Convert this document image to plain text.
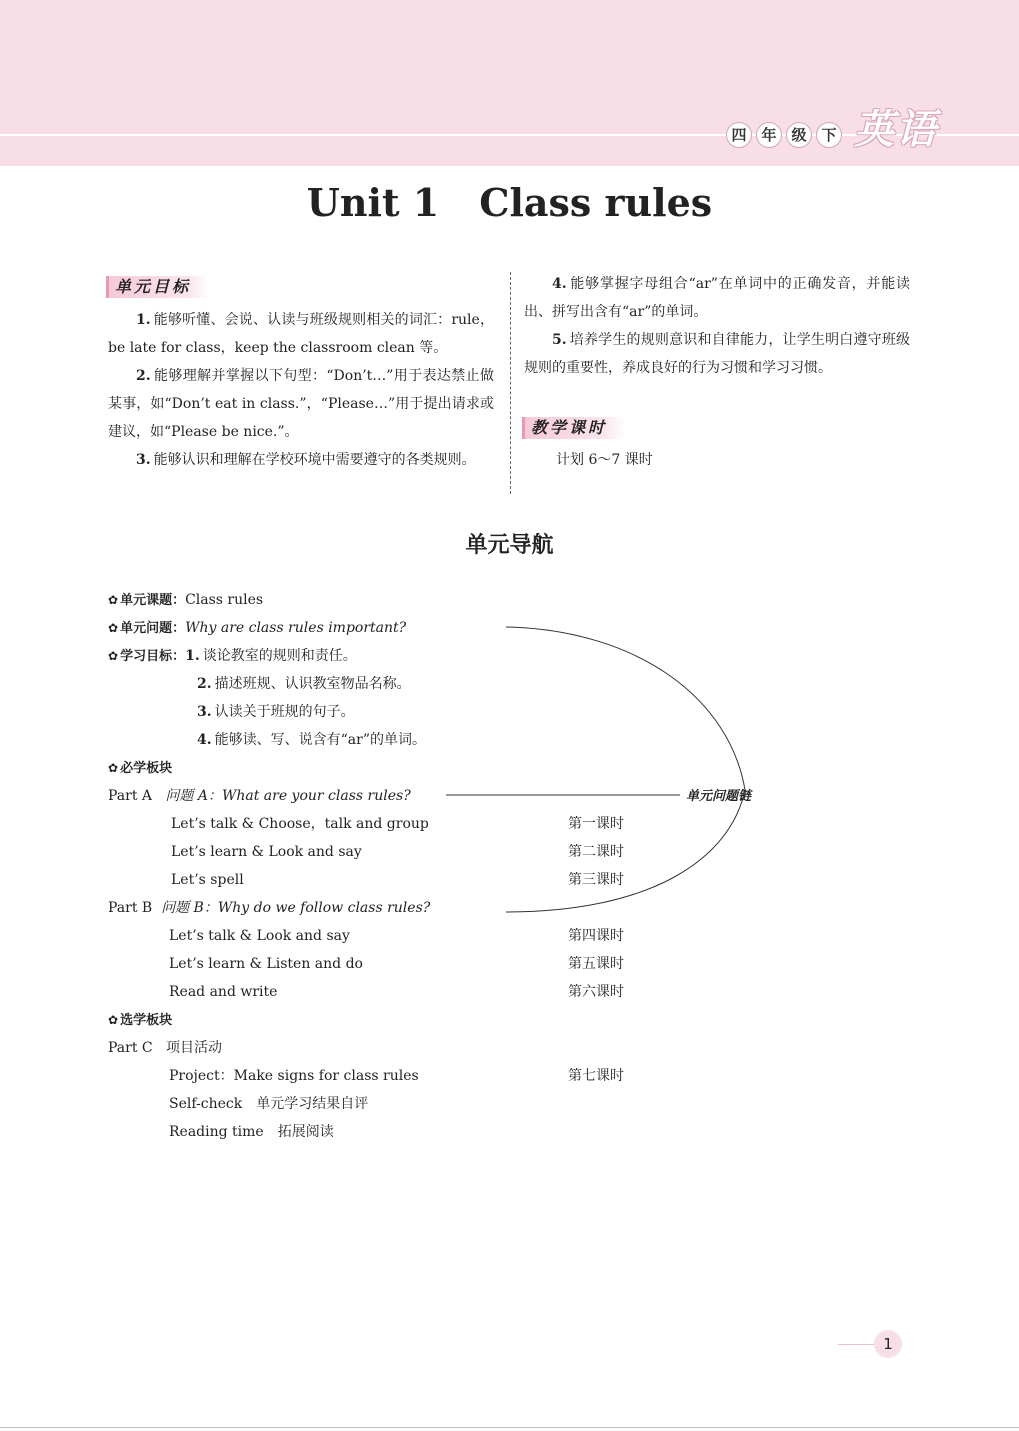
四 年 级 下 英语
Unit 1 Class rules
单元目标
1. 能够听懂、会说、认读与班级规则相关的词汇：rule，be late for class，keep the classroom clean 等。
2. 能够理解并掌握以下句型：“Don’t…”用于表达禁止做某事，如“Don’t eat in class.”，“Please…”用于提出请求或建议，如“Please be nice.”。
3. 能够认识和理解在学校环境中需要遵守的各类规则。
4. 能够掌握字母组合“ar”在单词中的正确发音，并能读出、拼写出含有“ar”的单词。
5. 培养学生的规则意识和自律能力，让学生明白遵守班级规则的重要性，养成良好的行为习惯和学习习惯。
教学课时
计划 6～7 课时
单元导航
✿ 单元课题：Class rules
✿ 单元问题：Why are class rules important?
✿ 学习目标：1. 谈论教室的规则和责任。
2. 描述班规、认识教室物品名称。
3. 认读关于班规的句子。
4. 能够读、写、说含有“ar”的单词。
✿ 必学板块
Part A 问题 A：What are your class rules?
Let’s talk & Choose，talk and group	第一课时
Let’s learn & Look and say	第二课时
Let’s spell	第三课时
Part B 问题 B：Why do we follow class rules?
Let’s talk & Look and say	第四课时
Let’s learn & Listen and do	第五课时
Read and write	第六课时
✿ 选学板块
Part C 项目活动
Project：Make signs for class rules	第七课时
Self-check　单元学习结果自评
Reading time　拓展阅读
单元问题链
1
